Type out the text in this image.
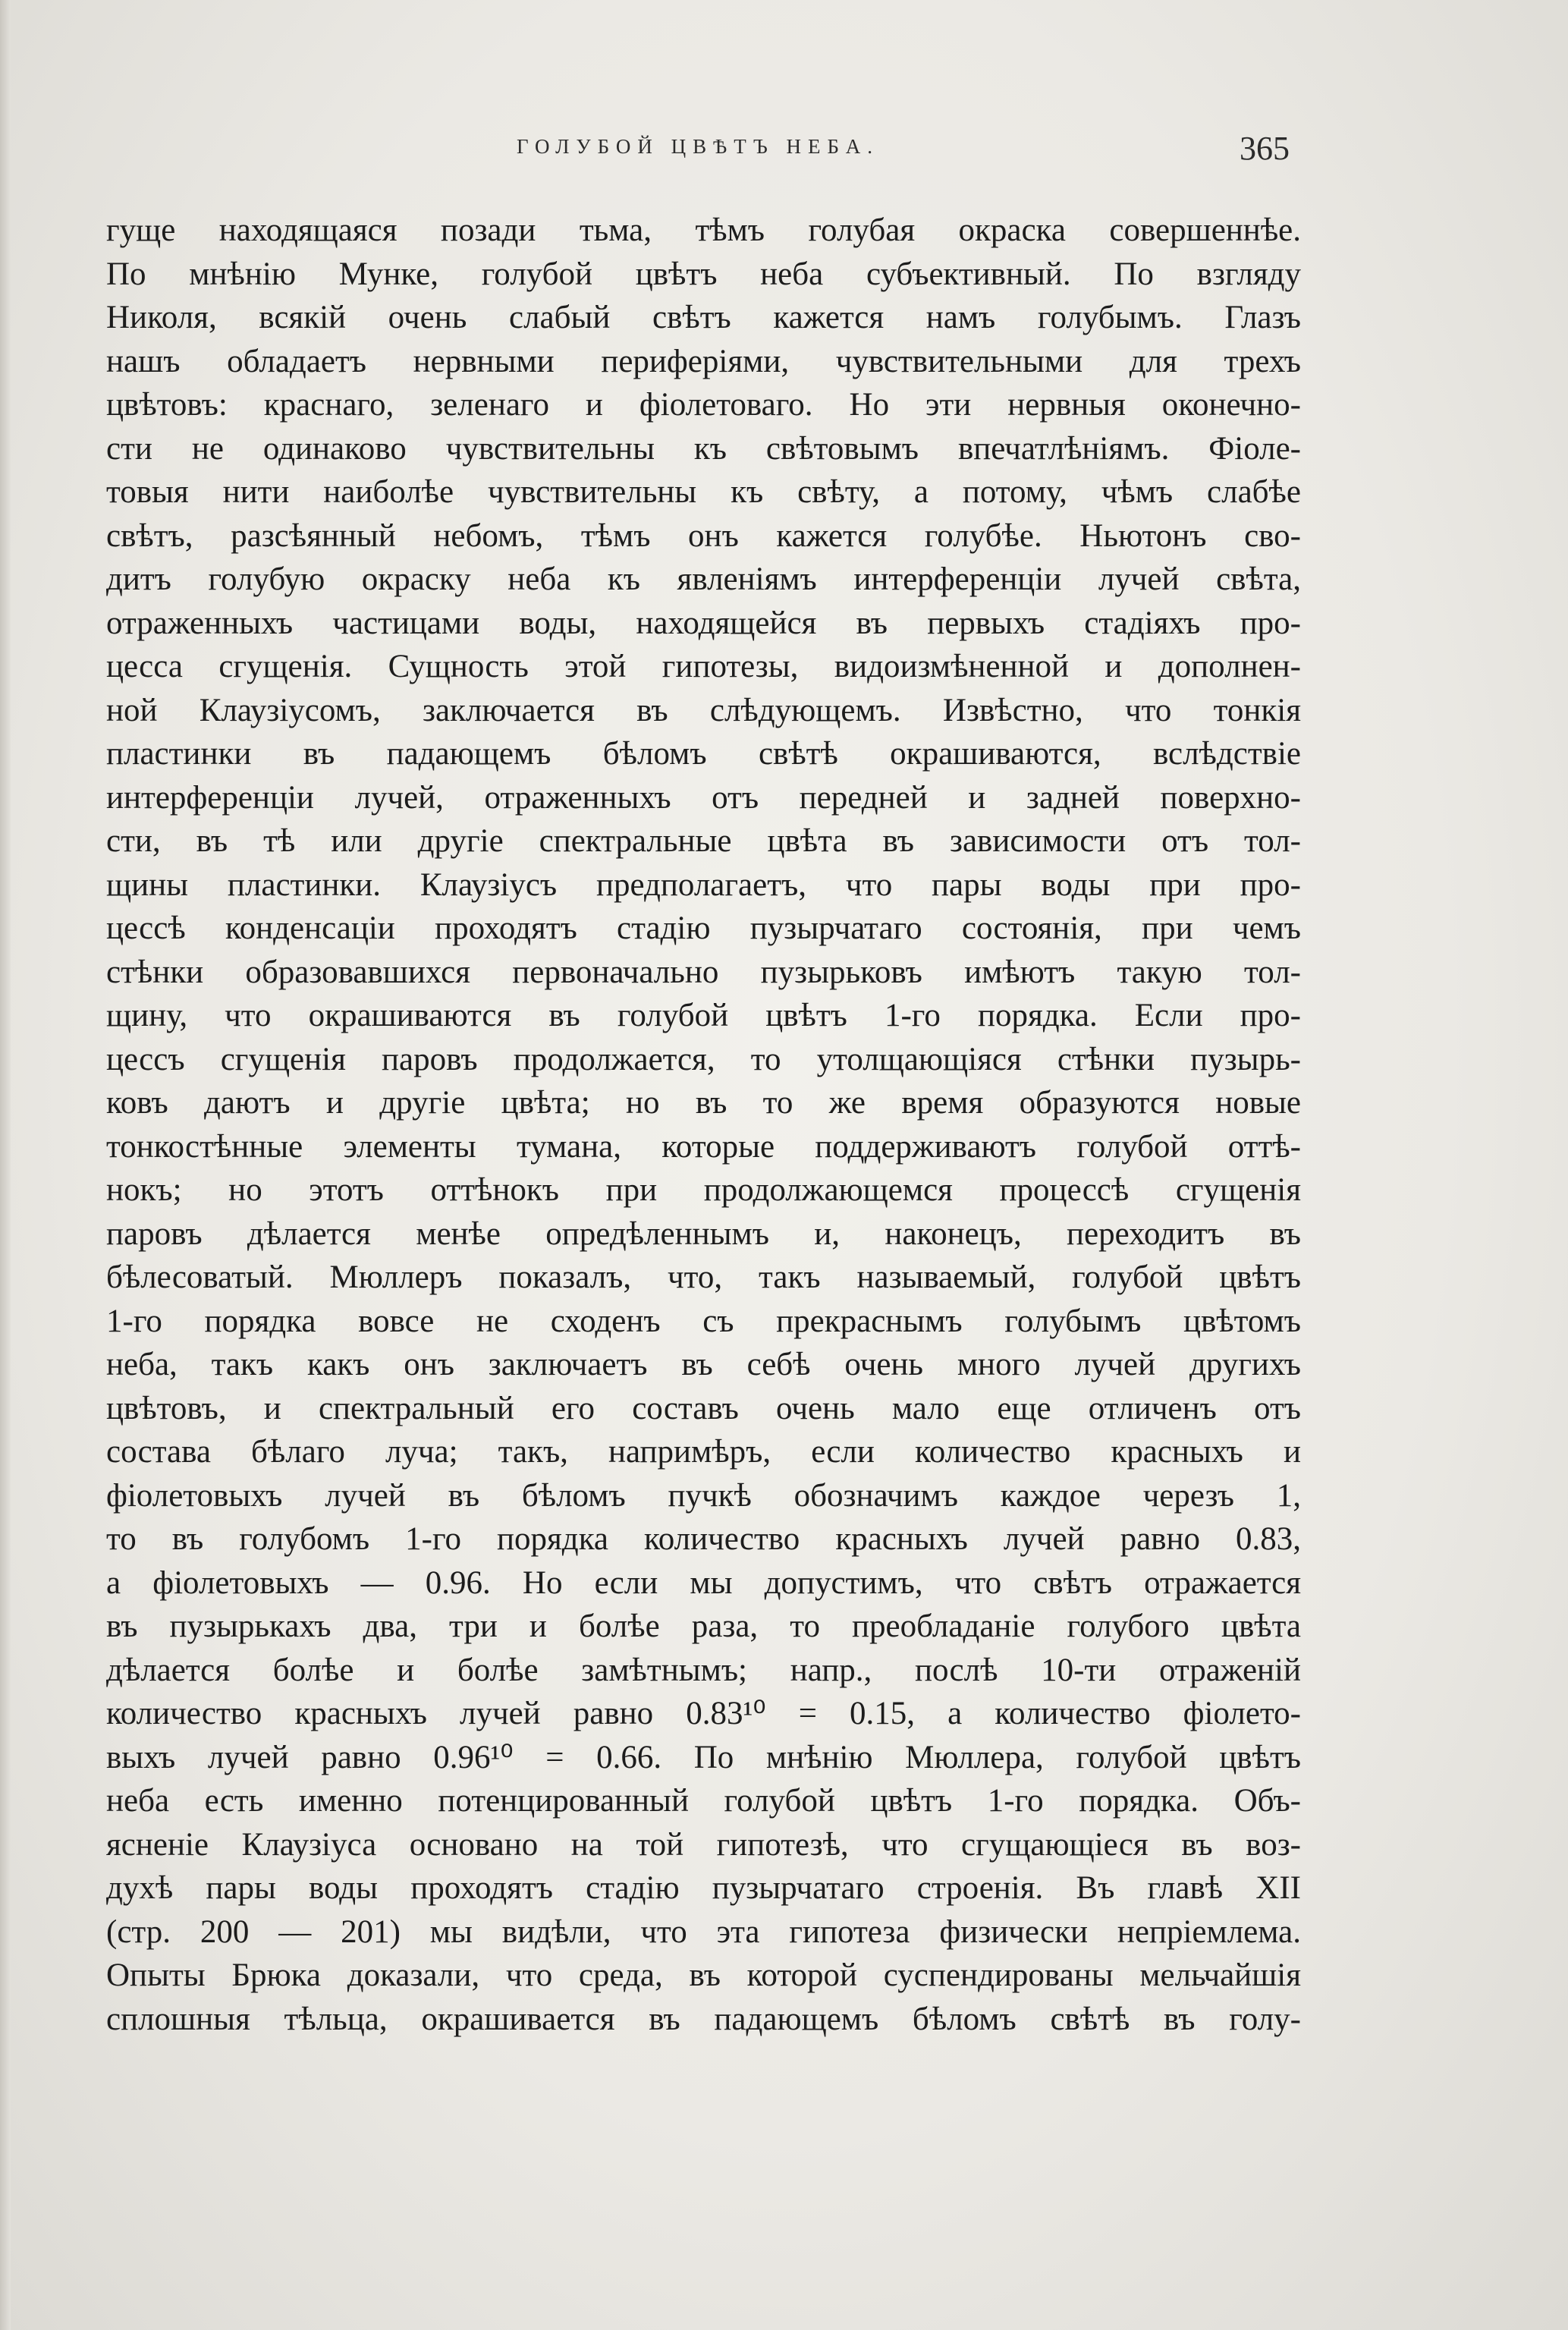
ГОЛУБОЙ ЦВѢТЪ НЕБА.	365
гуще находящаяся позади тьма, тѣмъ голубая окраска совершеннѣе.
По мнѣнію Мунке, голубой цвѣтъ неба субъективный. По взгляду
Николя, всякій очень слабый свѣтъ кажется намъ голубымъ. Глазъ
нашъ обладаетъ нервными периферіями, чувствительными для трехъ
цвѣтовъ: краснаго, зеленаго и фіолетоваго. Но эти нервныя оконечно-
сти не одинаково чувствительны къ свѣтовымъ впечатлѣніямъ. Фіоле-
товыя нити наиболѣе чувствительны къ свѣту, а потому, чѣмъ слабѣе
свѣтъ, разсѣянный небомъ, тѣмъ онъ кажется голубѣе. Ньютонъ сво-
дитъ голубую окраску неба къ явленіямъ интерференціи лучей свѣта,
отраженныхъ частицами воды, находящейся въ первыхъ стадіяхъ про-
цесса сгущенія. Сущность этой гипотезы, видоизмѣненной и дополнен-
ной Клаузіусомъ, заключается въ слѣдующемъ. Извѣстно, что тонкія
пластинки въ падающемъ бѣломъ свѣтѣ окрашиваются, вслѣдствіе
интерференціи лучей, отраженныхъ отъ передней и задней поверхно-
сти, въ тѣ или другіе спектральные цвѣта въ зависимости отъ тол-
щины пластинки. Клаузіусъ предполагаетъ, что пары воды при про-
цессѣ конденсаціи проходятъ стадію пузырчатаго состоянія, при чемъ
стѣнки образовавшихся первоначально пузырьковъ имѣютъ такую тол-
щину, что окрашиваются въ голубой цвѣтъ 1-го порядка. Если про-
цессъ сгущенія паровъ продолжается, то утолщающіяся стѣнки пузырь-
ковъ даютъ и другіе цвѣта; но въ то же время образуются новые
тонкостѣнные элементы тумана, которые поддерживаютъ голубой оттѣ-
нокъ; но этотъ оттѣнокъ при продолжающемся процессѣ сгущенія
паровъ дѣлается менѣе опредѣленнымъ и, наконецъ, переходитъ въ
бѣлесоватый. Мюллеръ показалъ, что, такъ называемый, голубой цвѣтъ
1-го порядка вовсе не сходенъ съ прекраснымъ голубымъ цвѣтомъ
неба, такъ какъ онъ заключаетъ въ себѣ очень много лучей другихъ
цвѣтовъ, и спектральный его составъ очень мало еще отличенъ отъ
состава бѣлаго луча; такъ, напримѣръ, если количество красныхъ и
фіолетовыхъ лучей въ бѣломъ пучкѣ обозначимъ каждое черезъ 1,
то въ голубомъ 1-го порядка количество красныхъ лучей равно 0.83,
а фіолетовыхъ — 0.96. Но если мы допустимъ, что свѣтъ отражается
въ пузырькахъ два, три и болѣе раза, то преобладаніе голубого цвѣта
дѣлается болѣе и болѣе замѣтнымъ; напр., послѣ 10-ти отраженій
количество красныхъ лучей равно 0.83¹⁰ = 0.15, а количество фіолето-
выхъ лучей равно 0.96¹⁰ = 0.66. По мнѣнію Мюллера, голубой цвѣтъ
неба есть именно потенцированный голубой цвѣтъ 1-го порядка. Объ-
ясненіе Клаузіуса основано на той гипотезѣ, что сгущающіеся въ воз-
духѣ пары воды проходятъ стадію пузырчатаго строенія. Въ главѣ XII
(стр. 200 — 201) мы видѣли, что эта гипотеза физически непріемлема.
Опыты Брюка доказали, что среда, въ которой суспендированы мельчайшія
сплошныя тѣльца, окрашивается въ падающемъ бѣломъ свѣтѣ въ голу-
